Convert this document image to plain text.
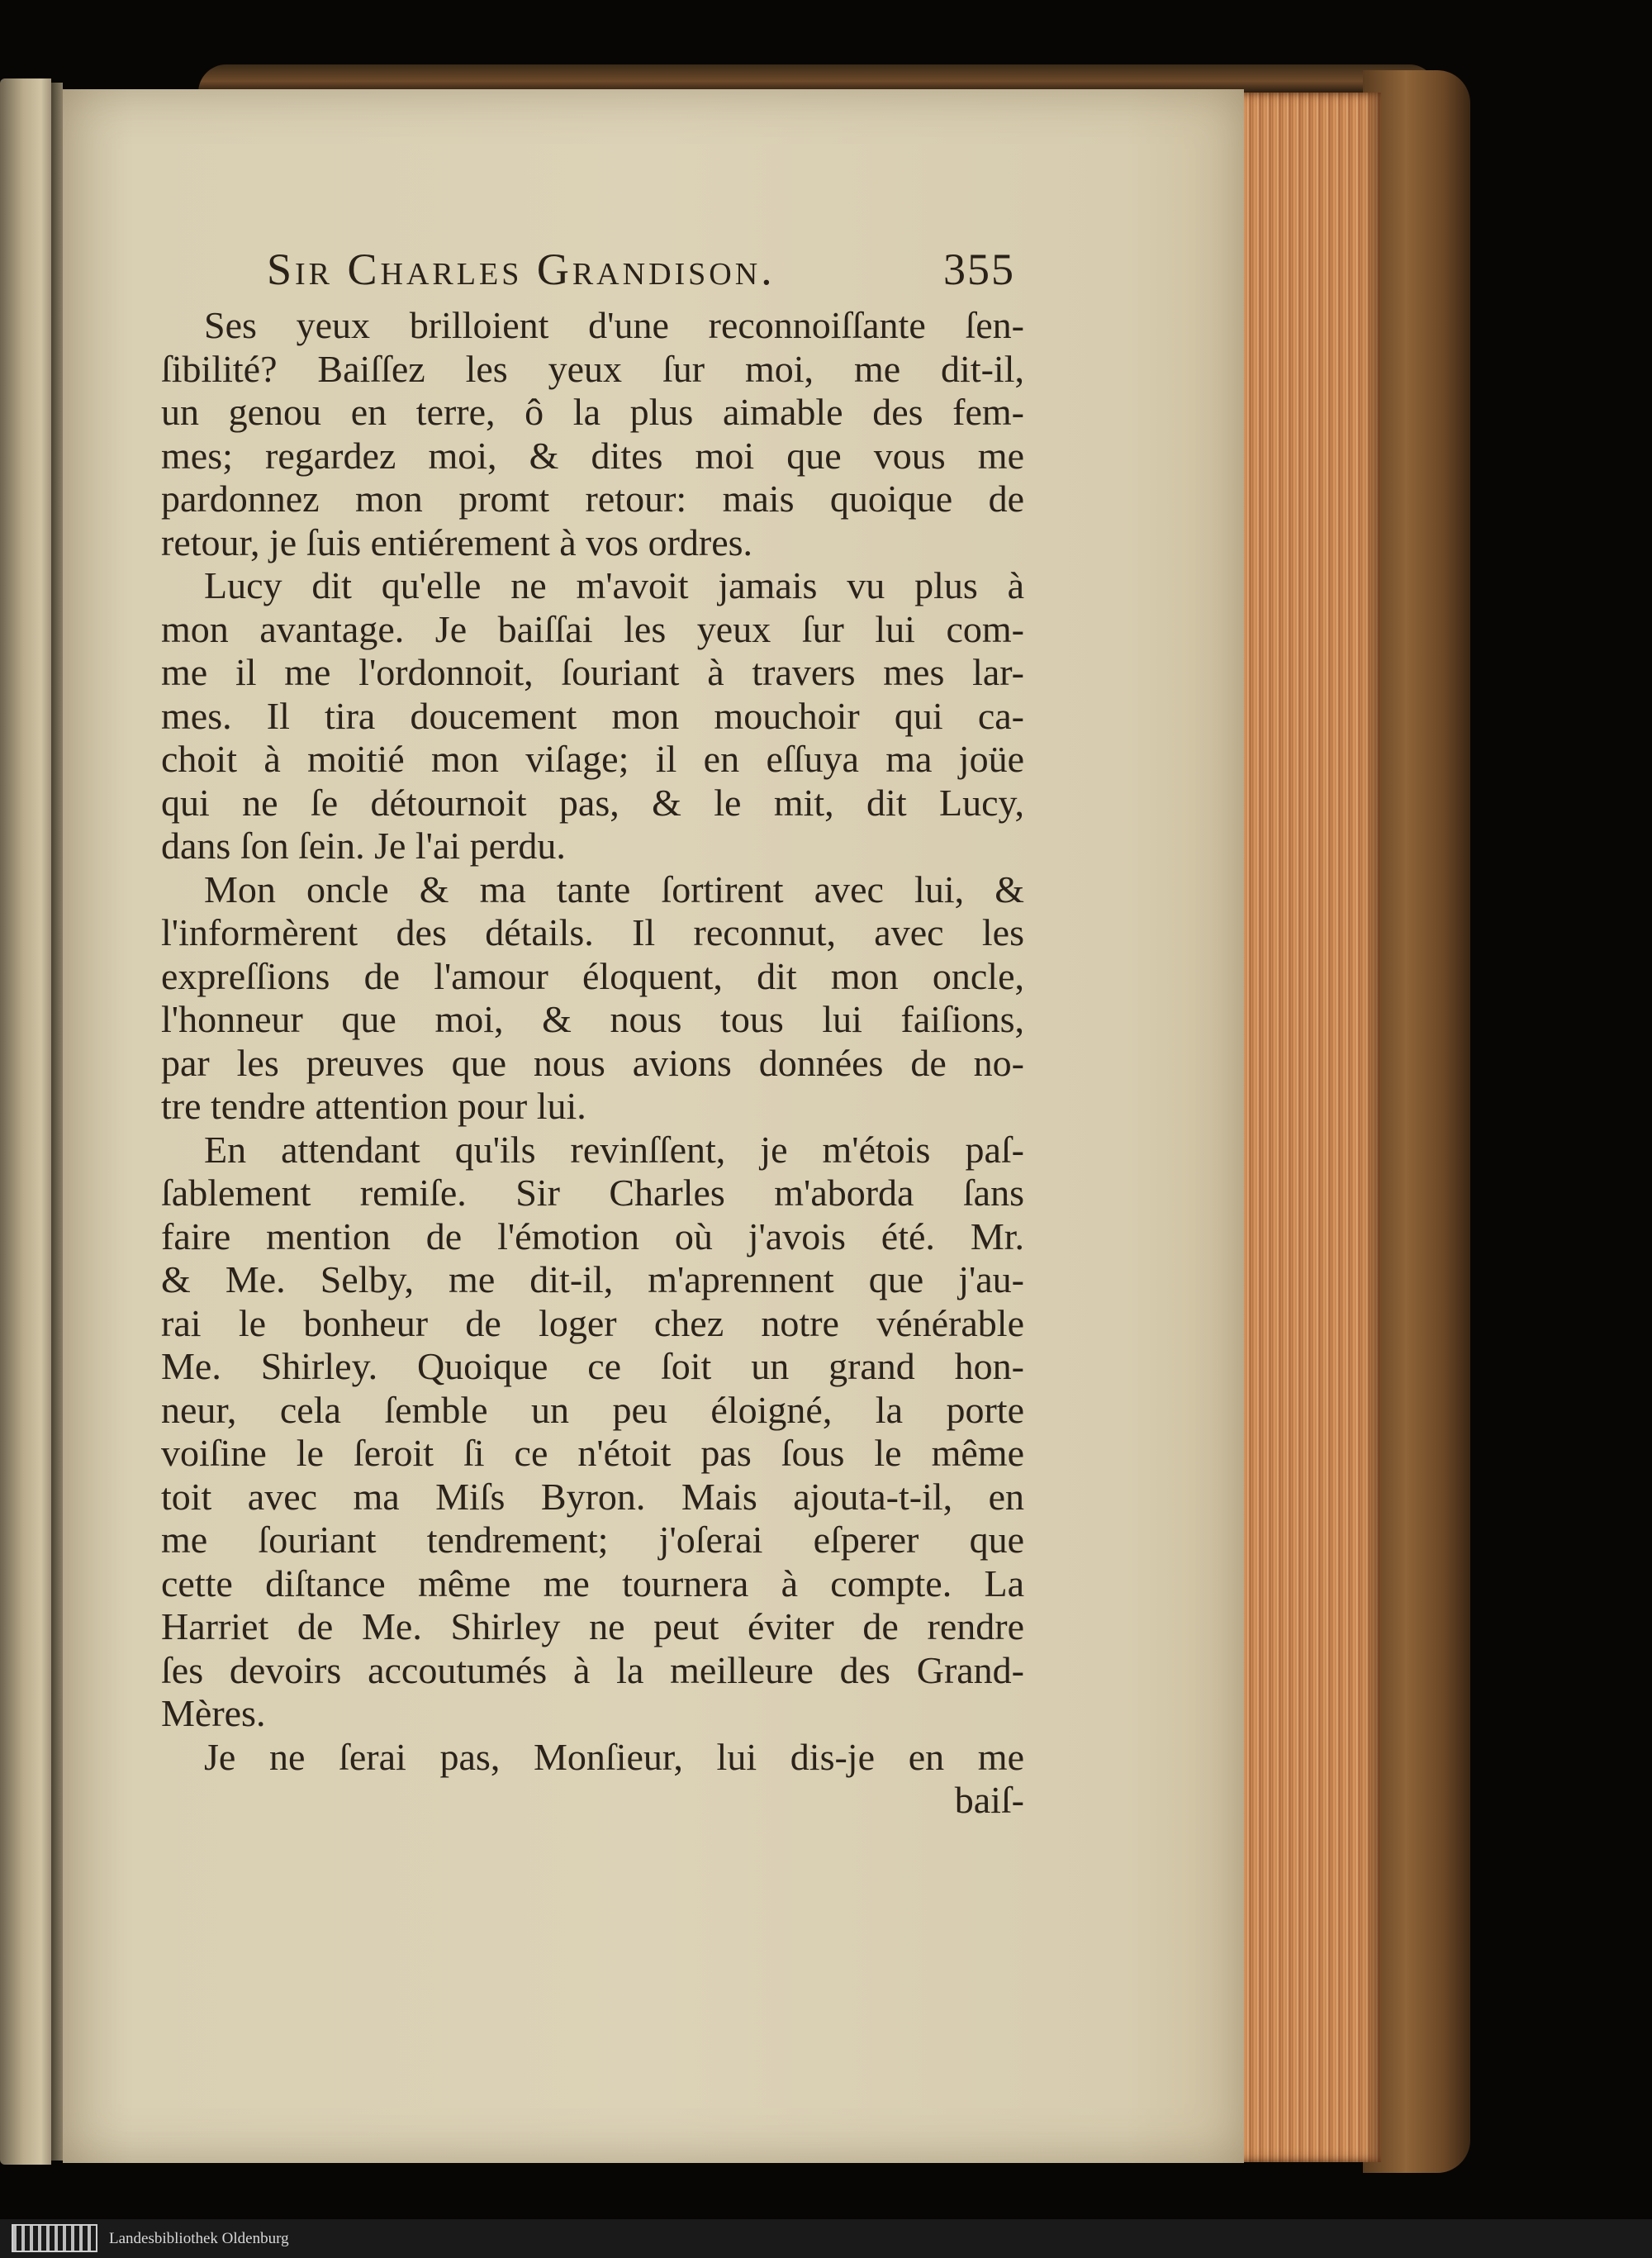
Sir Charles Grandison.	355
Ses yeux brilloient d'une reconnoiſſante ſen-
ſibilité? Baiſſez les yeux ſur moi, me dit-il,
un genou en terre, ô la plus aimable des fem-
mes; regardez moi, & dites moi que vous me
pardonnez mon promt retour: mais quoique de
retour, je ſuis entiérement à vos ordres.
Lucy dit qu'elle ne m'avoit jamais vu plus à
mon avantage. Je baiſſai les yeux ſur lui com-
me il me l'ordonnoit, ſouriant à travers mes lar-
mes. Il tira doucement mon mouchoir qui ca-
choit à moitié mon viſage; il en eſſuya ma joüe
qui ne ſe détournoit pas, & le mit, dit Lucy,
dans ſon ſein. Je l'ai perdu.
Mon oncle & ma tante ſortirent avec lui, &
l'informèrent des détails. Il reconnut, avec les
expreſſions de l'amour éloquent, dit mon oncle,
l'honneur que moi, & nous tous lui faiſions,
par les preuves que nous avions données de no-
tre tendre attention pour lui.
En attendant qu'ils revinſſent, je m'étois paſ-
ſablement remiſe. Sir Charles m'aborda ſans
faire mention de l'émotion où j'avois été. Mr.
& Me. Selby, me dit-il, m'aprennent que j'au-
rai le bonheur de loger chez notre vénérable
Me. Shirley. Quoique ce ſoit un grand hon-
neur, cela ſemble un peu éloigné, la porte
voiſine le ſeroit ſi ce n'étoit pas ſous le même
toit avec ma Miſs Byron. Mais ajouta-t-il, en
me ſouriant tendrement; j'oſerai eſperer que
cette diſtance même me tournera à compte. La
Harriet de Me. Shirley ne peut éviter de rendre
ſes devoirs accoutumés à la meilleure des Grand-
Mères.
Je ne ſerai pas, Monſieur, lui dis-je en me
baiſ-
Landesbibliothek Oldenburg
